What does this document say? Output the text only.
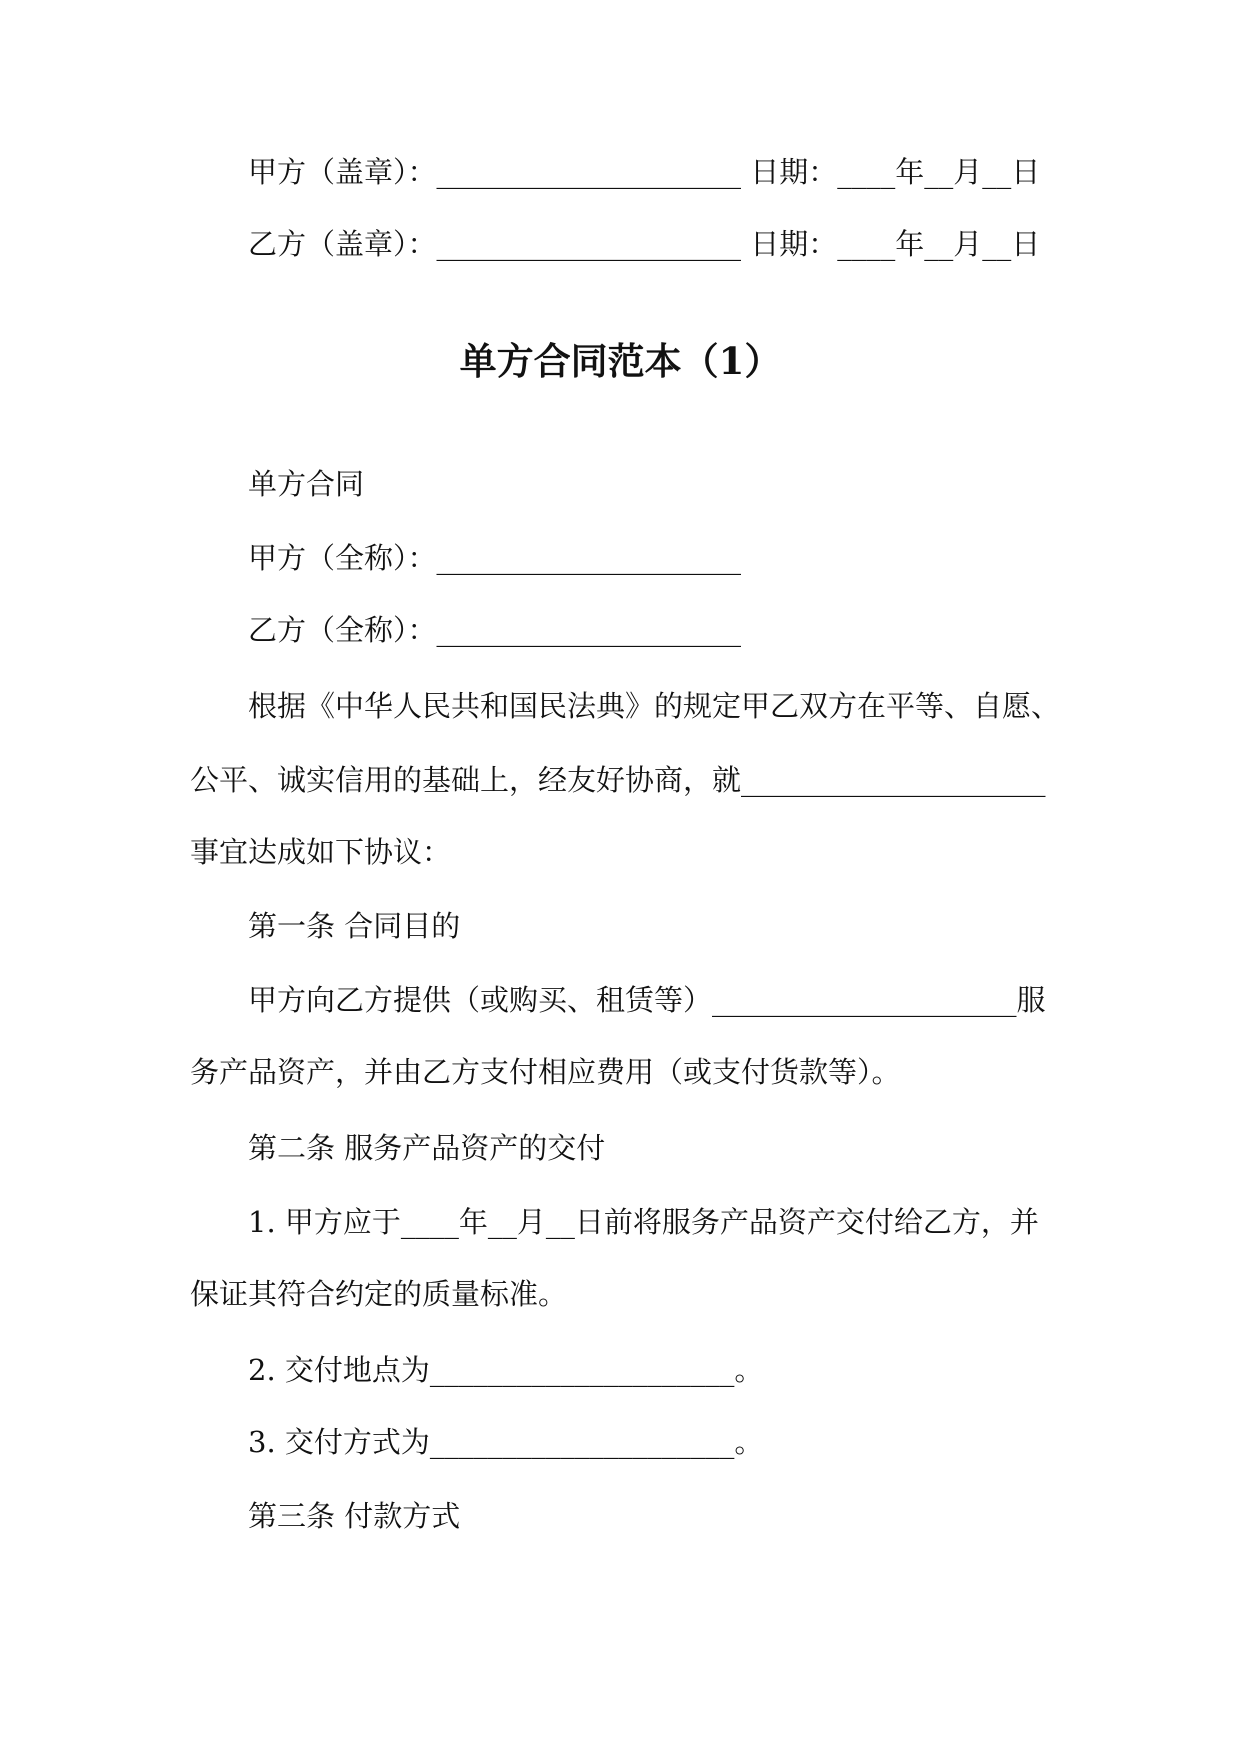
甲方（盖章）：_____________________ 日期：____年__月__日
乙方（盖章）：_____________________ 日期：____年__月__日
单方合同范本（1）
单方合同
甲方（全称）：_____________________
乙方（全称）：_____________________
根据《中华人民共和国民法典》的规定甲乙双方在平等、自愿、
公平、诚实信用的基础上，经友好协商，就_____________________
事宜达成如下协议：
第一条 合同目的
甲方向乙方提供（或购买、租赁等）_____________________服
务产品资产，并由乙方支付相应费用（或支付货款等）。
第二条 服务产品资产的交付
1. 甲方应于____年__月__日前将服务产品资产交付给乙方，并
保证其符合约定的质量标准。
2. 交付地点为_____________________。
3. 交付方式为_____________________。
第三条 付款方式
